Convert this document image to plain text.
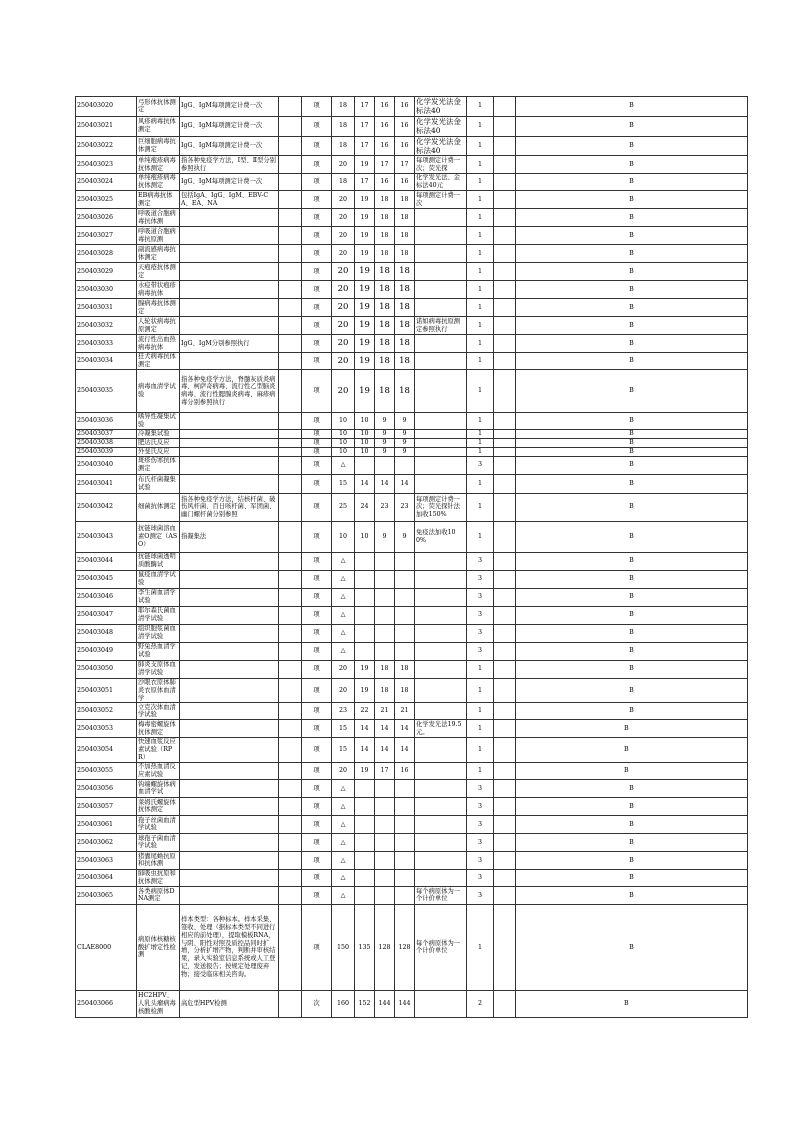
250403020	弓形体抗体测定	IgG、IgM每项测定计费一次		项	18	17	16	16	化学发光法金标法40	1		B
250403021	风疹病毒抗体测定	IgG、IgM每项测定计费一次		项	18	17	16	16	化学发光法金标法40	1		B
250403022	巨细胞病毒抗体测定	IgG、IgM每项测定计费一次		项	18	17	16	16	化学发光法金标法40	1		B
250403023	单纯疱疹病毒抗体测定	指各种免疫学方法，Ⅰ型、Ⅱ型分别参照执行		项	20	19	17	17	每项测定计费一次；荧光探	1		B
250403024	单纯疱疹病毒抗体测定	IgG、IgM每项测定计费一次		项	18	17	16	16	化学发光法、金标法40元	1		B
250403025	EB病毒抗体测定	包括IgA、IgG、IgM、EBV-CA、EA、NA		项	20	19	18	18	每项测定计费一次	1		B
250403026	呼吸道合胞病毒抗体测			项	20	19	18	18		1		B
250403027	呼吸道合胞病毒抗原测			项	20	19	18	18		1		B
250403028	副流感病毒抗体测定			项	20	19	18	18		1		B
250403029	天疱疮抗体测定			项	20	19	18	18		1		B
250403030	水痘带状疱疹病毒抗体			项	20	19	18	18		1		B
250403031	腺病毒抗体测定			项	20	19	18	18		1		B
250403032	人轮状病毒抗原测定			项	20	19	18	18	诺如病毒抗原测定参照执行	1		B
250403033	流行性出血热病毒抗体	IgG、IgM分别参照执行		项	20	19	18	18		1		B
250403034	狂犬病毒抗体测定			项	20	19	18	18		1		B
250403035	病毒血清学试验	指各种免疫学方法，脊髓灰质炎病毒、柯萨奇病毒、流行性乙型脑炎病毒、流行性腮腺炎病毒、麻疹病毒分别参照执行		项	20	19	18	18		1		B
250403036	嗜异性凝集试验			项	10	10	9	9		1		B
250403037	冷凝集试验			项	10	10	9	9		1		B
250403038	肥达氏反应			项	10	10	9	9		1		B
250403039	外斐氏反应			项	10	10	9	9		1		B
250403040	斑疹伤寒抗体测定			项	△					3		B
250403041	布氏杆菌凝集试验			项	15	14	14	14		1		B
250403042	细菌抗体测定	指各种免疫学方法，结核杆菌、破伤风杆菌、百日咳杆菌、军团菌、幽门螺杆菌分别参照		项	25	24	23	23	每项测定计费一次；荧光探针法加收150%	1		B
250403043	抗链球菌溶血素O测定（ASO）	指凝集法		项	10	10	9	9	免疫法加收100%	1		B
250403044	抗链球菌透明质酸酶试			项	△					3		B
250403045	鼠疫血清学试验			项	△					3		B
250403046	李生菌血清学试验			项	△					3		B
250403047	耶尔森氏菌血清学试验			项	△					3		B
250403048	组织胞浆菌血清学试验			项	△					3		B
250403049	野兔热血清学试验			项	△					3		B
250403050	肺炎支原体血清学试验			项	20	19	18	18		1		B
250403051	沙眼衣原体肺炎衣原体血清学			项	20	19	18	18		1		B
250403052	立克次体血清学试验			项	23	22	21	21		1		B
250403053	梅毒密螺旋体抗体测定			项	15	14	14	14	化学发光法19.5元。	1		B
250403054	快速血浆反应素试验（RPR）			项	15	14	14	14		1		B
250403055	不加热血清反应素试验			项	20	19	17	16		1		B
250403056	钩端螺旋体病血清学试			项	△					3		B
250403057	莱姆氏螺旋体抗体测定			项	△					3		B
250403061	孢子丝菌血清学试验			项	△					3		B
250403062	球孢子菌血清学试验			项	△					3		B
250403063	猪囊尾蚴抗原和抗体测			项	△					3		B
250403064	肺吸虫抗原和抗体测定			项	△					3		B
250403065	各类病原体DNA测定			项	△				每个病原体为一个计价单位	3		B
CLAE8000	病原体核糖核酸扩增定性检测	样本类型：各种标本。样本采集、签收、处理（据标本类型不同进行相应的前处理），提取模板RNA，与阴、阳性对照及质控品同时扩增，分析扩增产物，判断并审核结果，录入实验室信息系统或人工登记，发送报告；按规定处理废弃物；接受临床相关咨询。		项	150	135	128	128	每个病原体为一个计价单位	1		B
250403066	HC2HPV、人乳头瘤病毒核酸检测	高危型HPV检测		次	160	152	144	144		2		B
